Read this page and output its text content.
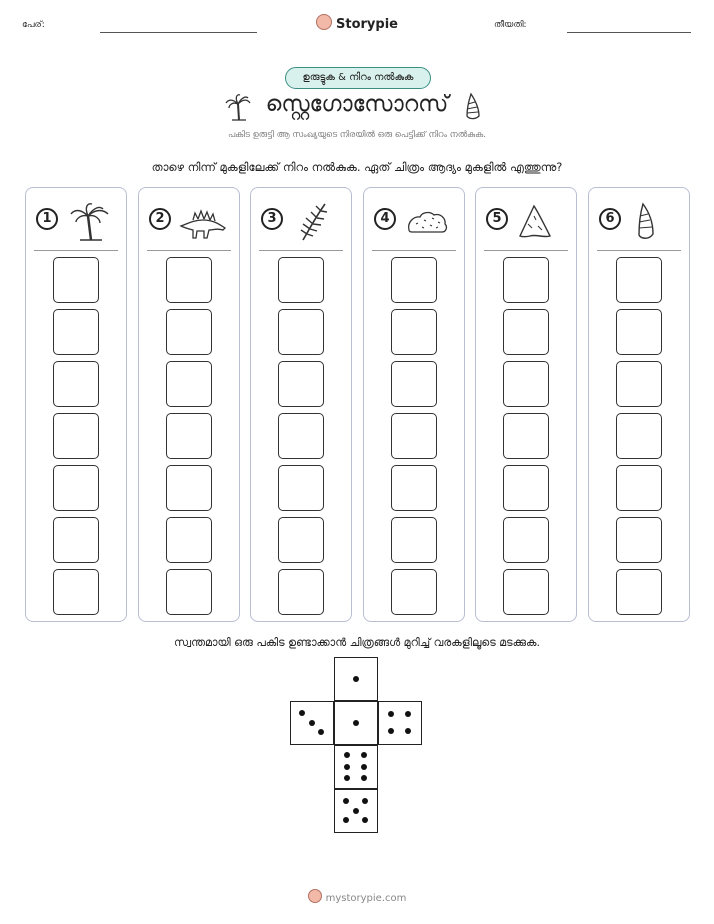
പേര്:	Storypie	തീയതി:
ഉരുട്ടുക & നിറം നൽകുക
സ്റ്റെഗോസോറസ്
പകിട ഉരുട്ടി ആ സംഖ്യയുടെ നിരയിൽ ഒരു പെട്ടിക്ക് നിറം നൽകുക.
താഴെ നിന്ന് മുകളിലേക്ക് നിറം നൽകുക. ഏത് ചിത്രം ആദ്യം മുകളിൽ എത്തുന്നു?
1	2	3	4	5	6
സ്വന്തമായി ഒരു പകിട ഉണ്ടാക്കാൻ ചിത്രങ്ങൾ മുറിച്ച് വരകളിലൂടെ മടക്കുക.
mystorypie.com
